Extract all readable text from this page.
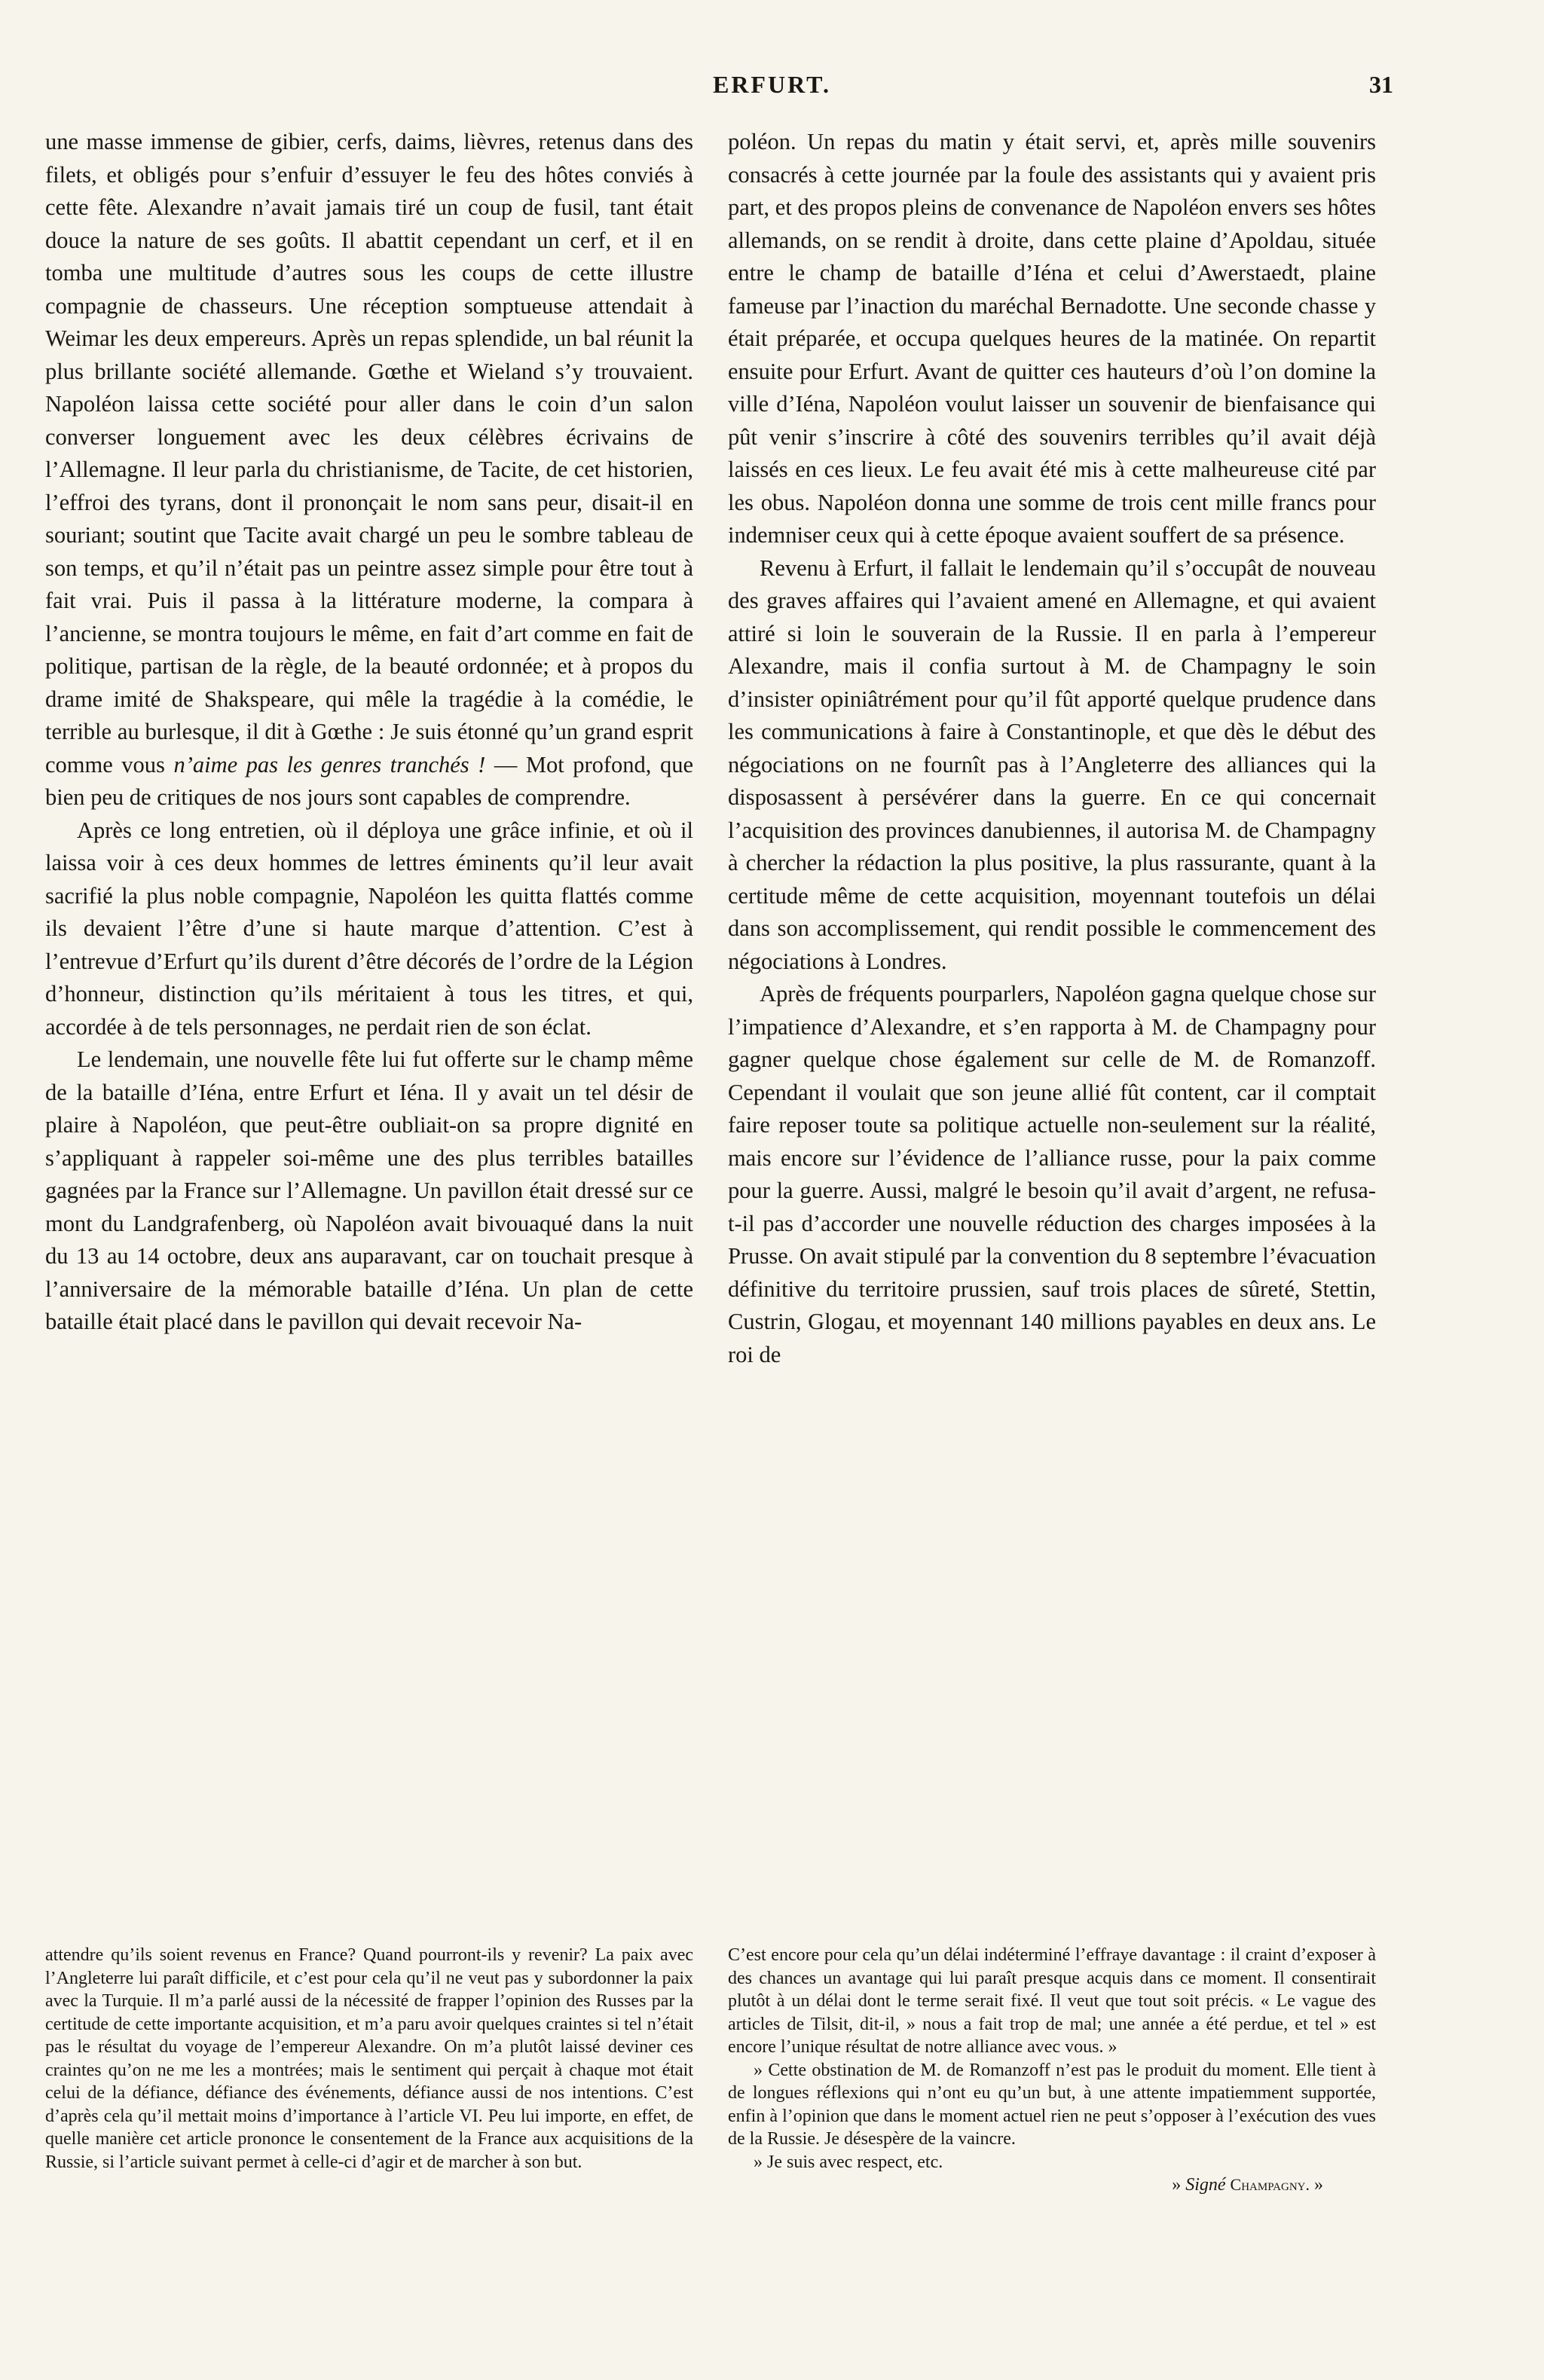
ERFURT.	31

une masse immense de gibier, cerfs, daims, lièvres, retenus dans des filets, et obligés pour s’enfuir d’essuyer le feu des hôtes conviés à cette fête. Alexandre n’avait jamais tiré un coup de fusil, tant était douce la nature de ses goûts. Il abattit cependant un cerf, et il en tomba une multitude d’autres sous les coups de cette illustre compagnie de chasseurs. Une réception somptueuse attendait à Weimar les deux empereurs. Après un repas splendide, un bal réunit la plus brillante société allemande. Gœthe et Wieland s’y trouvaient. Napoléon laissa cette société pour aller dans le coin d’un salon converser longuement avec les deux célèbres écrivains de l’Allemagne. Il leur parla du christianisme, de Tacite, de cet historien, l’effroi des tyrans, dont il prononçait le nom sans peur, disait-il en souriant; soutint que Tacite avait chargé un peu le sombre tableau de son temps, et qu’il n’était pas un peintre assez simple pour être tout à fait vrai. Puis il passa à la littérature moderne, la compara à l’ancienne, se montra toujours le même, en fait d’art comme en fait de politique, partisan de la règle, de la beauté ordonnée; et à propos du drame imité de Shakspeare, qui mêle la tragédie à la comédie, le terrible au burlesque, il dit à Gœthe : Je suis étonné qu’un grand esprit comme vous n’aime pas les genres tranchés ! — Mot profond, que bien peu de critiques de nos jours sont capables de comprendre.

Après ce long entretien, où il déploya une grâce infinie, et où il laissa voir à ces deux hommes de lettres éminents qu’il leur avait sacrifié la plus noble compagnie, Napoléon les quitta flattés comme ils devaient l’être d’une si haute marque d’attention. C’est à l’entrevue d’Erfurt qu’ils durent d’être décorés de l’ordre de la Légion d’honneur, distinction qu’ils méritaient à tous les titres, et qui, accordée à de tels personnages, ne perdait rien de son éclat.

Le lendemain, une nouvelle fête lui fut offerte sur le champ même de la bataille d’Iéna, entre Erfurt et Iéna. Il y avait un tel désir de plaire à Napoléon, que peut-être oubliait-on sa propre dignité en s’appliquant à rappeler soi-même une des plus terribles batailles gagnées par la France sur l’Allemagne. Un pavillon était dressé sur ce mont du Landgrafenberg, où Napoléon avait bivouaqué dans la nuit du 13 au 14 octobre, deux ans auparavant, car on touchait presque à l’anniversaire de la mémorable bataille d’Iéna. Un plan de cette bataille était placé dans le pavillon qui devait recevoir Na-

poléon. Un repas du matin y était servi, et, après mille souvenirs consacrés à cette journée par la foule des assistants qui y avaient pris part, et des propos pleins de convenance de Napoléon envers ses hôtes allemands, on se rendit à droite, dans cette plaine d’Apoldau, située entre le champ de bataille d’Iéna et celui d’Awerstaedt, plaine fameuse par l’inaction du maréchal Bernadotte. Une seconde chasse y était préparée, et occupa quelques heures de la matinée. On repartit ensuite pour Erfurt. Avant de quitter ces hauteurs d’où l’on domine la ville d’Iéna, Napoléon voulut laisser un souvenir de bienfaisance qui pût venir s’inscrire à côté des souvenirs terribles qu’il avait déjà laissés en ces lieux. Le feu avait été mis à cette malheureuse cité par les obus. Napoléon donna une somme de trois cent mille francs pour indemniser ceux qui à cette époque avaient souffert de sa présence.

Revenu à Erfurt, il fallait le lendemain qu’il s’occupât de nouveau des graves affaires qui l’avaient amené en Allemagne, et qui avaient attiré si loin le souverain de la Russie. Il en parla à l’empereur Alexandre, mais il confia surtout à M. de Champagny le soin d’insister opiniâtrément pour qu’il fût apporté quelque prudence dans les communications à faire à Constantinople, et que dès le début des négociations on ne fournît pas à l’Angleterre des alliances qui la disposassent à persévérer dans la guerre. En ce qui concernait l’acquisition des provinces danubiennes, il autorisa M. de Champagny à chercher la rédaction la plus positive, la plus rassurante, quant à la certitude même de cette acquisition, moyennant toutefois un délai dans son accomplissement, qui rendit possible le commencement des négociations à Londres.

Après de fréquents pourparlers, Napoléon gagna quelque chose sur l’impatience d’Alexandre, et s’en rapporta à M. de Champagny pour gagner quelque chose également sur celle de M. de Romanzoff. Cependant il voulait que son jeune allié fût content, car il comptait faire reposer toute sa politique actuelle non-seulement sur la réalité, mais encore sur l’évidence de l’alliance russe, pour la paix comme pour la guerre. Aussi, malgré le besoin qu’il avait d’argent, ne refusa-t-il pas d’accorder une nouvelle réduction des charges imposées à la Prusse. On avait stipulé par la convention du 8 septembre l’évacuation définitive du territoire prussien, sauf trois places de sûreté, Stettin, Custrin, Glogau, et moyennant 140 millions payables en deux ans. Le roi de

attendre qu’ils soient revenus en France? Quand pourront-ils y revenir? La paix avec l’Angleterre lui paraît difficile, et c’est pour cela qu’il ne veut pas y subordonner la paix avec la Turquie. Il m’a parlé aussi de la nécessité de frapper l’opinion des Russes par la certitude de cette importante acquisition, et m’a paru avoir quelques craintes si tel n’était pas le résultat du voyage de l’empereur Alexandre. On m’a plutôt laissé deviner ces craintes qu’on ne me les a montrées; mais le sentiment qui perçait à chaque mot était celui de la défiance, défiance des événements, défiance aussi de nos intentions. C’est d’après cela qu’il mettait moins d’importance à l’article VI. Peu lui importe, en effet, de quelle manière cet article prononce le consentement de la France aux acquisitions de la Russie, si l’article suivant permet à celle-ci d’agir et de marcher à son but.

C’est encore pour cela qu’un délai indéterminé l’effraye davantage : il craint d’exposer à des chances un avantage qui lui paraît presque acquis dans ce moment. Il consentirait plutôt à un délai dont le terme serait fixé. Il veut que tout soit précis. « Le vague des articles de Tilsit, dit-il, » nous a fait trop de mal; une année a été perdue, et tel » est encore l’unique résultat de notre alliance avec vous. »

» Cette obstination de M. de Romanzoff n’est pas le produit du moment. Elle tient à de longues réflexions qui n’ont eu qu’un but, à une attente impatiemment supportée, enfin à l’opinion que dans le moment actuel rien ne peut s’opposer à l’exécution des vues de la Russie. Je désespère de la vaincre.

» Je suis avec respect, etc.

» Signé Champagny. »
